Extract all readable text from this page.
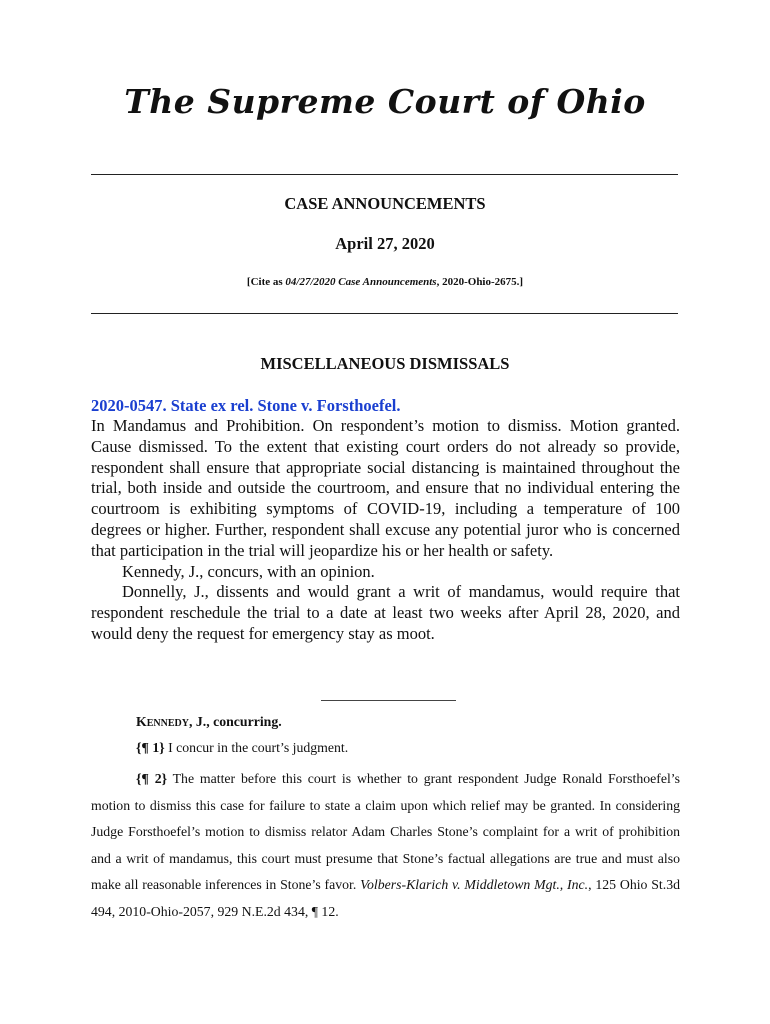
The Supreme Court of Ohio
CASE ANNOUNCEMENTS
April 27, 2020
[Cite as 04/27/2020 Case Announcements, 2020-Ohio-2675.]
MISCELLANEOUS DISMISSALS
2020-0547. State ex rel. Stone v. Forsthoefel.

In Mandamus and Prohibition. On respondent’s motion to dismiss. Motion granted. Cause dismissed. To the extent that existing court orders do not already so provide, respondent shall ensure that appropriate social distancing is maintained throughout the trial, both inside and outside the courtroom, and ensure that no individual entering the courtroom is exhibiting symptoms of COVID-19, including a temperature of 100 degrees or higher. Further, respondent shall excuse any potential juror who is concerned that participation in the trial will jeopardize his or her health or safety.

Kennedy, J., concurs, with an opinion.

Donnelly, J., dissents and would grant a writ of mandamus, would require that respondent reschedule the trial to a date at least two weeks after April 28, 2020, and would deny the request for emergency stay as moot.

Kennedy, J., concurring.
{¶ 1} I concur in the court’s judgment.
{¶ 2} The matter before this court is whether to grant respondent Judge Ronald Forsthoefel’s motion to dismiss this case for failure to state a claim upon which relief may be granted. In considering Judge Forsthoefel’s motion to dismiss relator Adam Charles Stone’s complaint for a writ of prohibition and a writ of mandamus, this court must presume that Stone’s factual allegations are true and must also make all reasonable inferences in Stone’s favor. Volbers-Klarich v. Middletown Mgt., Inc., 125 Ohio St.3d 494, 2010-Ohio-2057, 929 N.E.2d 434, ¶ 12.
